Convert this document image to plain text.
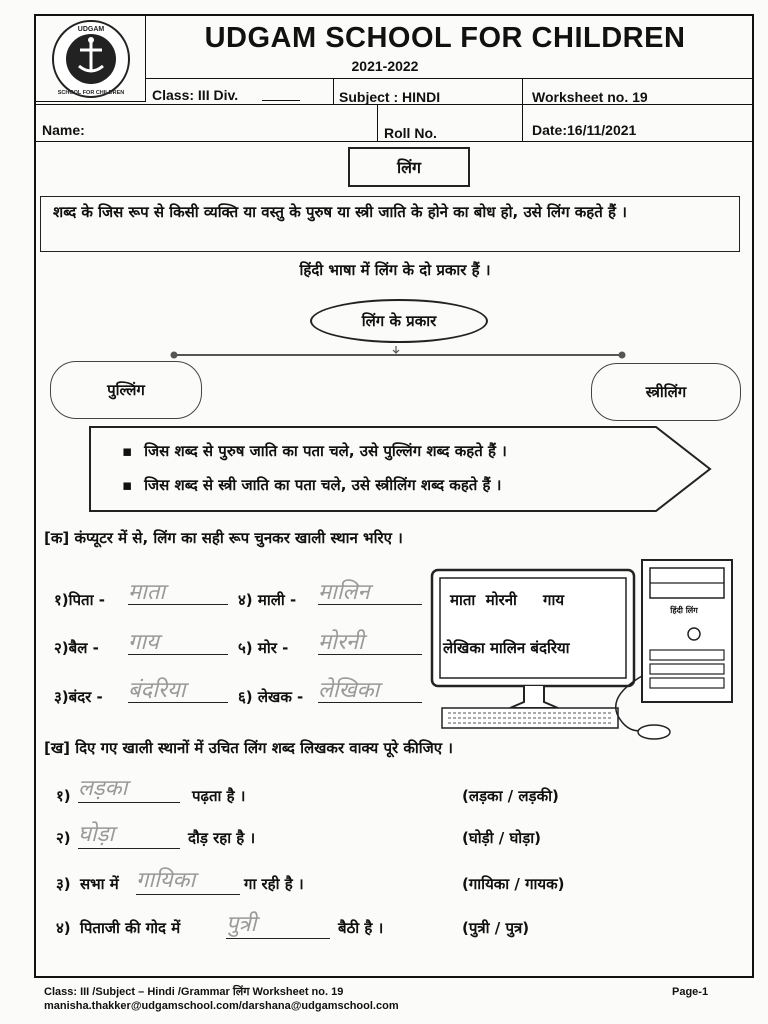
UDGAM
SCHOOL FOR CHILDREN
UDGAM SCHOOL FOR CHILDREN
2021-2022
Class: III Div.	Subject : HINDI	Worksheet no. 19
Name:	Roll No.	Date:16/11/2021
लिंग
शब्द के जिस रूप से किसी व्यक्ति या वस्तु के पुरुष या स्त्री जाति के होने का बोध हो, उसे लिंग कहते हैं ।
हिंदी भाषा में लिंग के दो प्रकार हैं ।
लिंग के प्रकार
पुल्लिंग	स्त्रीलिंग
▪ जिस शब्द से पुरुष जाति का पता चले, उसे पुल्लिंग शब्द कहते हैं ।
▪ जिस शब्द से स्त्री जाति का पता चले, उसे स्त्रीलिंग शब्द कहते हैं ।
[क] कंप्यूटर में से, लिंग का सही रूप चुनकर खाली स्थान भरिए ।
१)पिता - माता
२)बैल - गाय
३)बंदर - बंदरिया
४) माली - मालिन
५) मोर - मोरनी
६) लेखक - लेखिका
माता  मोरनी     गाय
लेखिका मालिन बंदरिया
हिंदी लिंग
[ख] दिए गए खाली स्थानों में उचित लिंग शब्द लिखकर वाक्य पूरे कीजिए ।
१) लड़का	पढ़ता है ।	(लड़का / लड़की)
२) घोड़ा	दौड़ रहा है ।	(घोड़ी / घोड़ा)
३) सभा में गायिका	गा रही है ।	(गायिका / गायक)
४) पिताजी की गोद में पुत्री	बैठी है ।	(पुत्री / पुत्र)
Class: III /Subject – Hindi /Grammar लिंग Worksheet no. 19
manisha.thakker@udgamschool.com/darshana@udgamschool.com
Page-1
